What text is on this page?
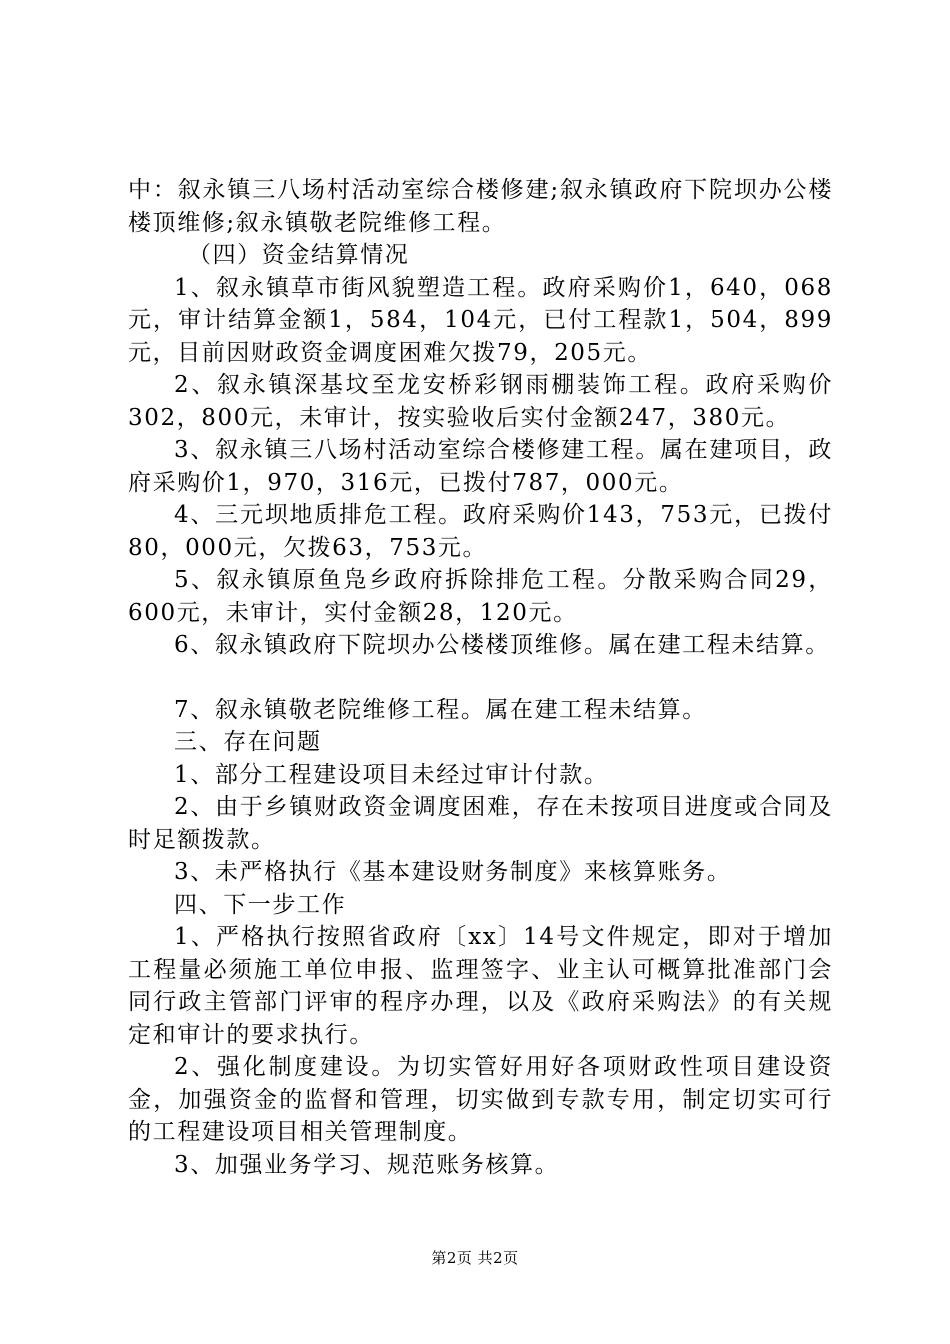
中：叙永镇三八场村活动室综合楼修建;叙永镇政府下院坝办公楼楼顶维修;叙永镇敬老院维修工程。

（四）资金结算情况

1、叙永镇草市街风貌塑造工程。政府采购价1，640，068元，审计结算金额1，584，104元，已付工程款1，504，899元，目前因财政资金调度困难欠拨79，205元。

2、叙永镇深基坟至龙安桥彩钢雨棚装饰工程。政府采购价302，800元，未审计，按实验收后实付金额247，380元。

3、叙永镇三八场村活动室综合楼修建工程。属在建项目，政府采购价1，970，316元，已拨付787，000元。

4、三元坝地质排危工程。政府采购价143，753元，已拨付80，000元，欠拨63，753元。

5、叙永镇原鱼凫乡政府拆除排危工程。分散采购合同29，600元，未审计，实付金额28，120元。

6、叙永镇政府下院坝办公楼楼顶维修。属在建工程未结算。

7、叙永镇敬老院维修工程。属在建工程未结算。

三、存在问题

1、部分工程建设项目未经过审计付款。

2、由于乡镇财政资金调度困难，存在未按项目进度或合同及时足额拨款。

3、未严格执行《基本建设财务制度》来核算账务。

四、下一步工作

1、严格执行按照省政府〔xx〕14号文件规定，即对于增加工程量必须施工单位申报、监理签字、业主认可概算批准部门会同行政主管部门评审的程序办理，以及《政府采购法》的有关规定和审计的要求执行。

2、强化制度建设。为切实管好用好各项财政性项目建设资金，加强资金的监督和管理，切实做到专款专用，制定切实可行的工程建设项目相关管理制度。

3、加强业务学习、规范账务核算。

第2页 共2页
